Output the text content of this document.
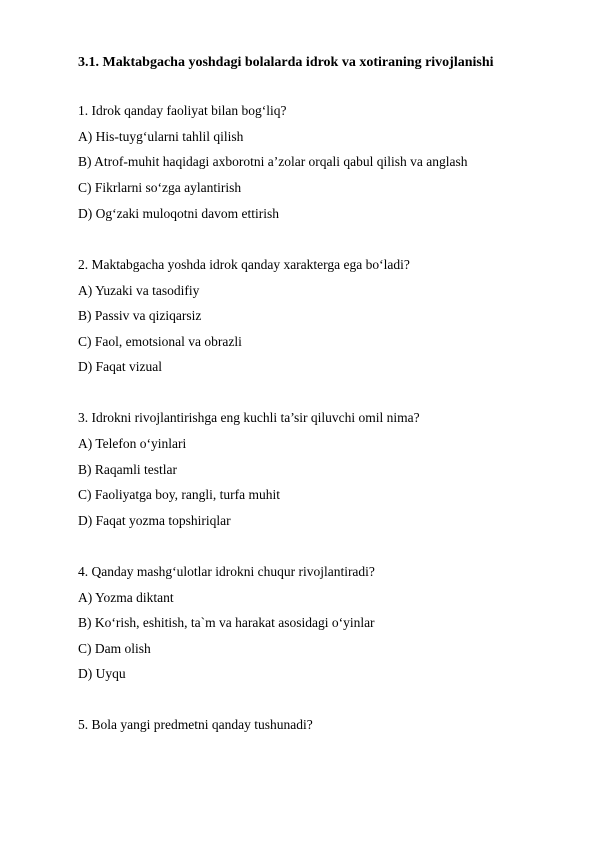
3.1. Maktabgacha yoshdagi bolalarda idrok va xotiraning rivojlanishi
1. Idrok qanday faoliyat bilan bog‘liq?
A) His-tuyg‘ularni tahlil qilish
B) Atrof-muhit haqidagi axborotni a’zolar orqali qabul qilish va anglash
C) Fikrlarni so‘zga aylantirish
D) Og‘zaki muloqotni davom ettirish
2. Maktabgacha yoshda idrok qanday xarakterga ega bo‘ladi?
A) Yuzaki va tasodifiy
B) Passiv va qiziqarsiz
C) Faol, emotsional va obrazli
D) Faqat vizual
3. Idrokni rivojlantirishga eng kuchli ta’sir qiluvchi omil nima?
A) Telefon o‘yinlari
B) Raqamli testlar
C) Faoliyatga boy, rangli, turfa muhit
D) Faqat yozma topshiriqlar
4. Qanday mashg‘ulotlar idrokni chuqur rivojlantiradi?
A) Yozma diktant
B) Ko‘rish, eshitish, ta`m va harakat asosidagi o‘yinlar
C) Dam olish
D) Uyqu
5. Bola yangi predmetni qanday tushunadi?
